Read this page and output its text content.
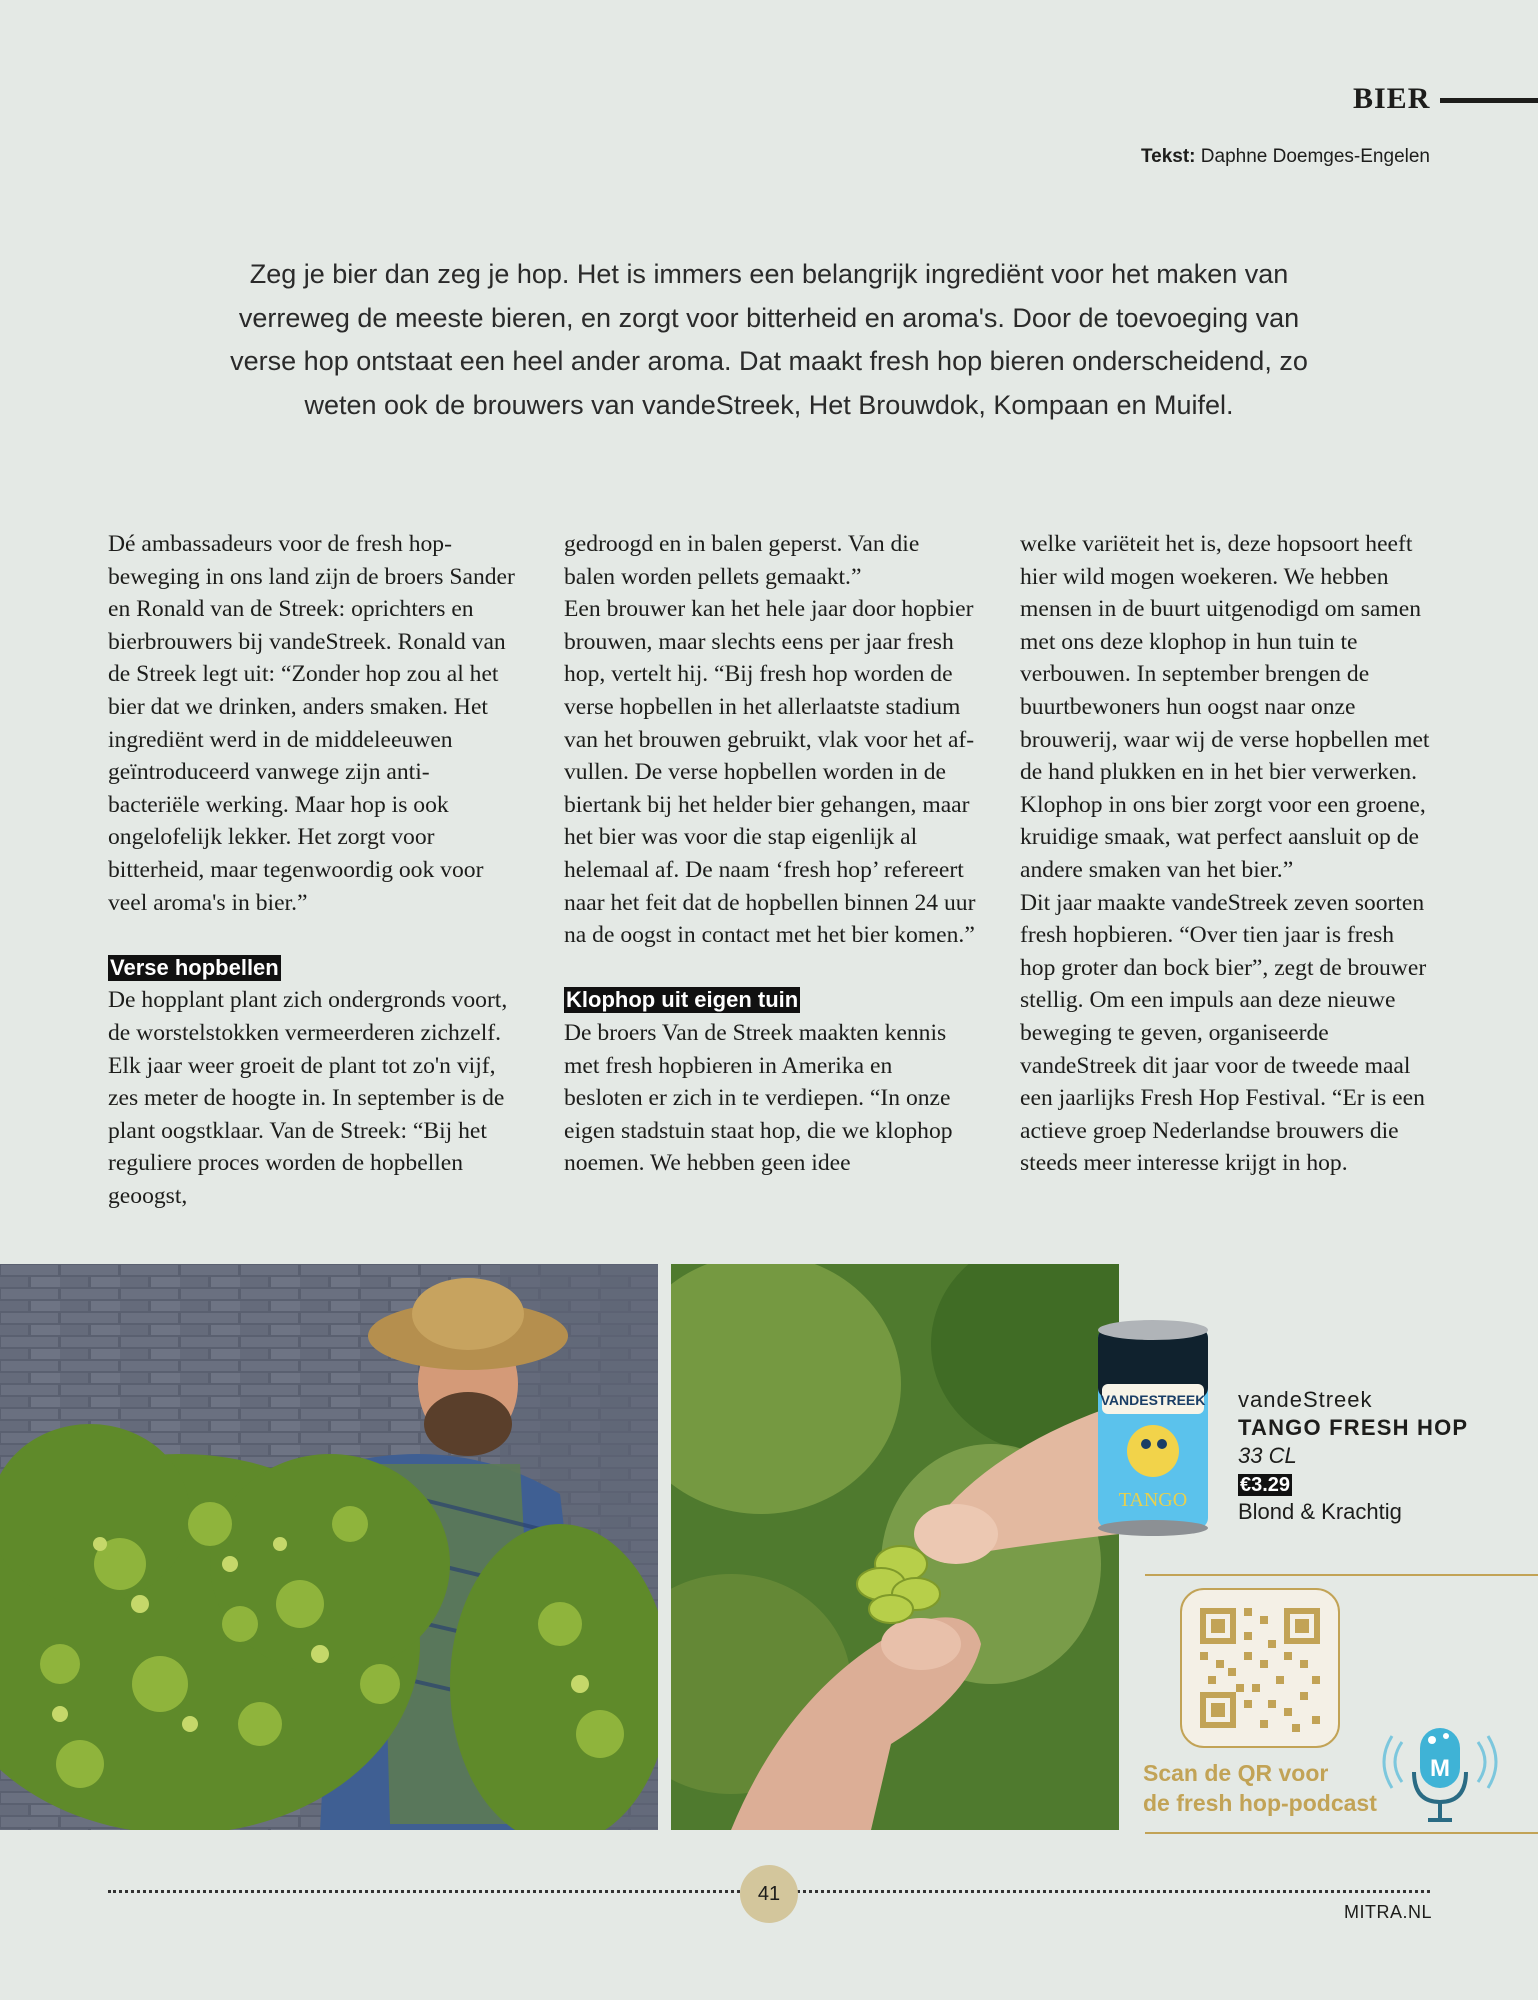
BIER
Tekst: Daphne Doemges-Engelen
Zeg je bier dan zeg je hop. Het is immers een belangrijk ingrediënt voor het maken van verreweg de meeste bieren, en zorgt voor bitterheid en aroma's. Door de toevoeging van verse hop ontstaat een heel ander aroma. Dat maakt fresh hop bieren onderscheidend, zo weten ook de brouwers van vandeStreek, Het Brouwdok, Kompaan en Muifel.

Dé ambassadeurs voor de fresh hop-beweging in ons land zijn de broers Sander en Ronald van de Streek: oprichters en bierbrouwers bij vandeStreek. Ronald van de Streek legt uit: “Zonder hop zou al het bier dat we drinken, anders smaken. Het ingrediënt werd in de middeleeuwen geïntroduceerd vanwege zijn anti-bacteriële werking. Maar hop is ook ongelofelijk lekker. Het zorgt voor bitterheid, maar tegenwoordig ook voor veel aroma's in bier.”

Verse hopbellen

De hopplant plant zich ondergronds voort, de worstelstokken vermeerderen zichzelf. Elk jaar weer groeit de plant tot zo'n vijf, zes meter de hoogte in. In september is de plant oogstklaar. Van de Streek: “Bij het reguliere proces worden de hopbellen geoogst,

gedroogd en in balen geperst. Van die balen worden pellets gemaakt.”

Een brouwer kan het hele jaar door hopbier brouwen, maar slechts eens per jaar fresh hop, vertelt hij. “Bij fresh hop worden de verse hopbellen in het allerlaatste stadium van het brouwen gebruikt, vlak voor het af-vullen. De verse hopbellen worden in de biertank bij het helder bier gehangen, maar het bier was voor die stap eigenlijk al helemaal af. De naam ‘fresh hop’ refereert naar het feit dat de hopbellen binnen 24 uur na de oogst in contact met het bier komen.”

Klophop uit eigen tuin

De broers Van de Streek maakten kennis met fresh hopbieren in Amerika en besloten er zich in te verdiepen. “In onze eigen stadstuin staat hop, die we klophop noemen. We hebben geen idee

welke variëteit het is, deze hopsoort heeft hier wild mogen woekeren. We hebben mensen in de buurt uitgenodigd om samen met ons deze klophop in hun tuin te verbouwen. In september brengen de buurtbewoners hun oogst naar onze brouwerij, waar wij de verse hopbellen met de hand plukken en in het bier verwerken. Klophop in ons bier zorgt voor een groene, kruidige smaak, wat perfect aansluit op de andere smaken van het bier.”

Dit jaar maakte vandeStreek zeven soorten fresh hopbieren. “Over tien jaar is fresh hop groter dan bock bier”, zegt de brouwer stellig. Om een impuls aan deze nieuwe beweging te geven, organiseerde vandeStreek dit jaar voor de tweede maal een jaarlijks Fresh Hop Festival. “Er is een actieve groep Nederlandse brouwers die steeds meer interesse krijgt in hop.

VANDESTREEK
TANGO
vandeStreek
TANGO FRESH HOP
33 CL
€3.29
Blond & Krachtig
Scan de QR voor
de fresh hop-podcast
M
41
MITRA.NL
